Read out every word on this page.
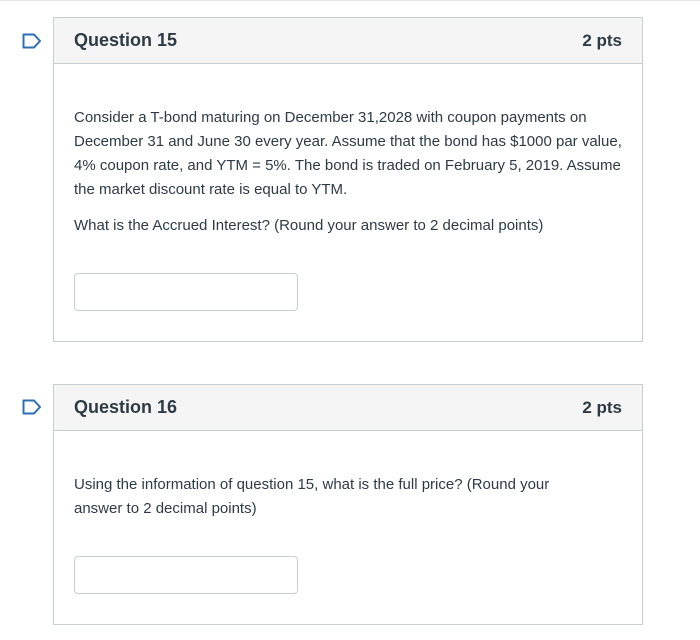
Question 15	2 pts

Consider a T-bond maturing on December 31,2028 with coupon payments on December 31 and June 30 every year. Assume that the bond has $1000 par value, 4% coupon rate, and YTM = 5%. The bond is traded on February 5, 2019. Assume the market discount rate is equal to YTM.

What is the Accrued Interest? (Round your answer to 2 decimal points)

Question 16	2 pts

Using the information of question 15, what is the full price? (Round your answer to 2 decimal points)
